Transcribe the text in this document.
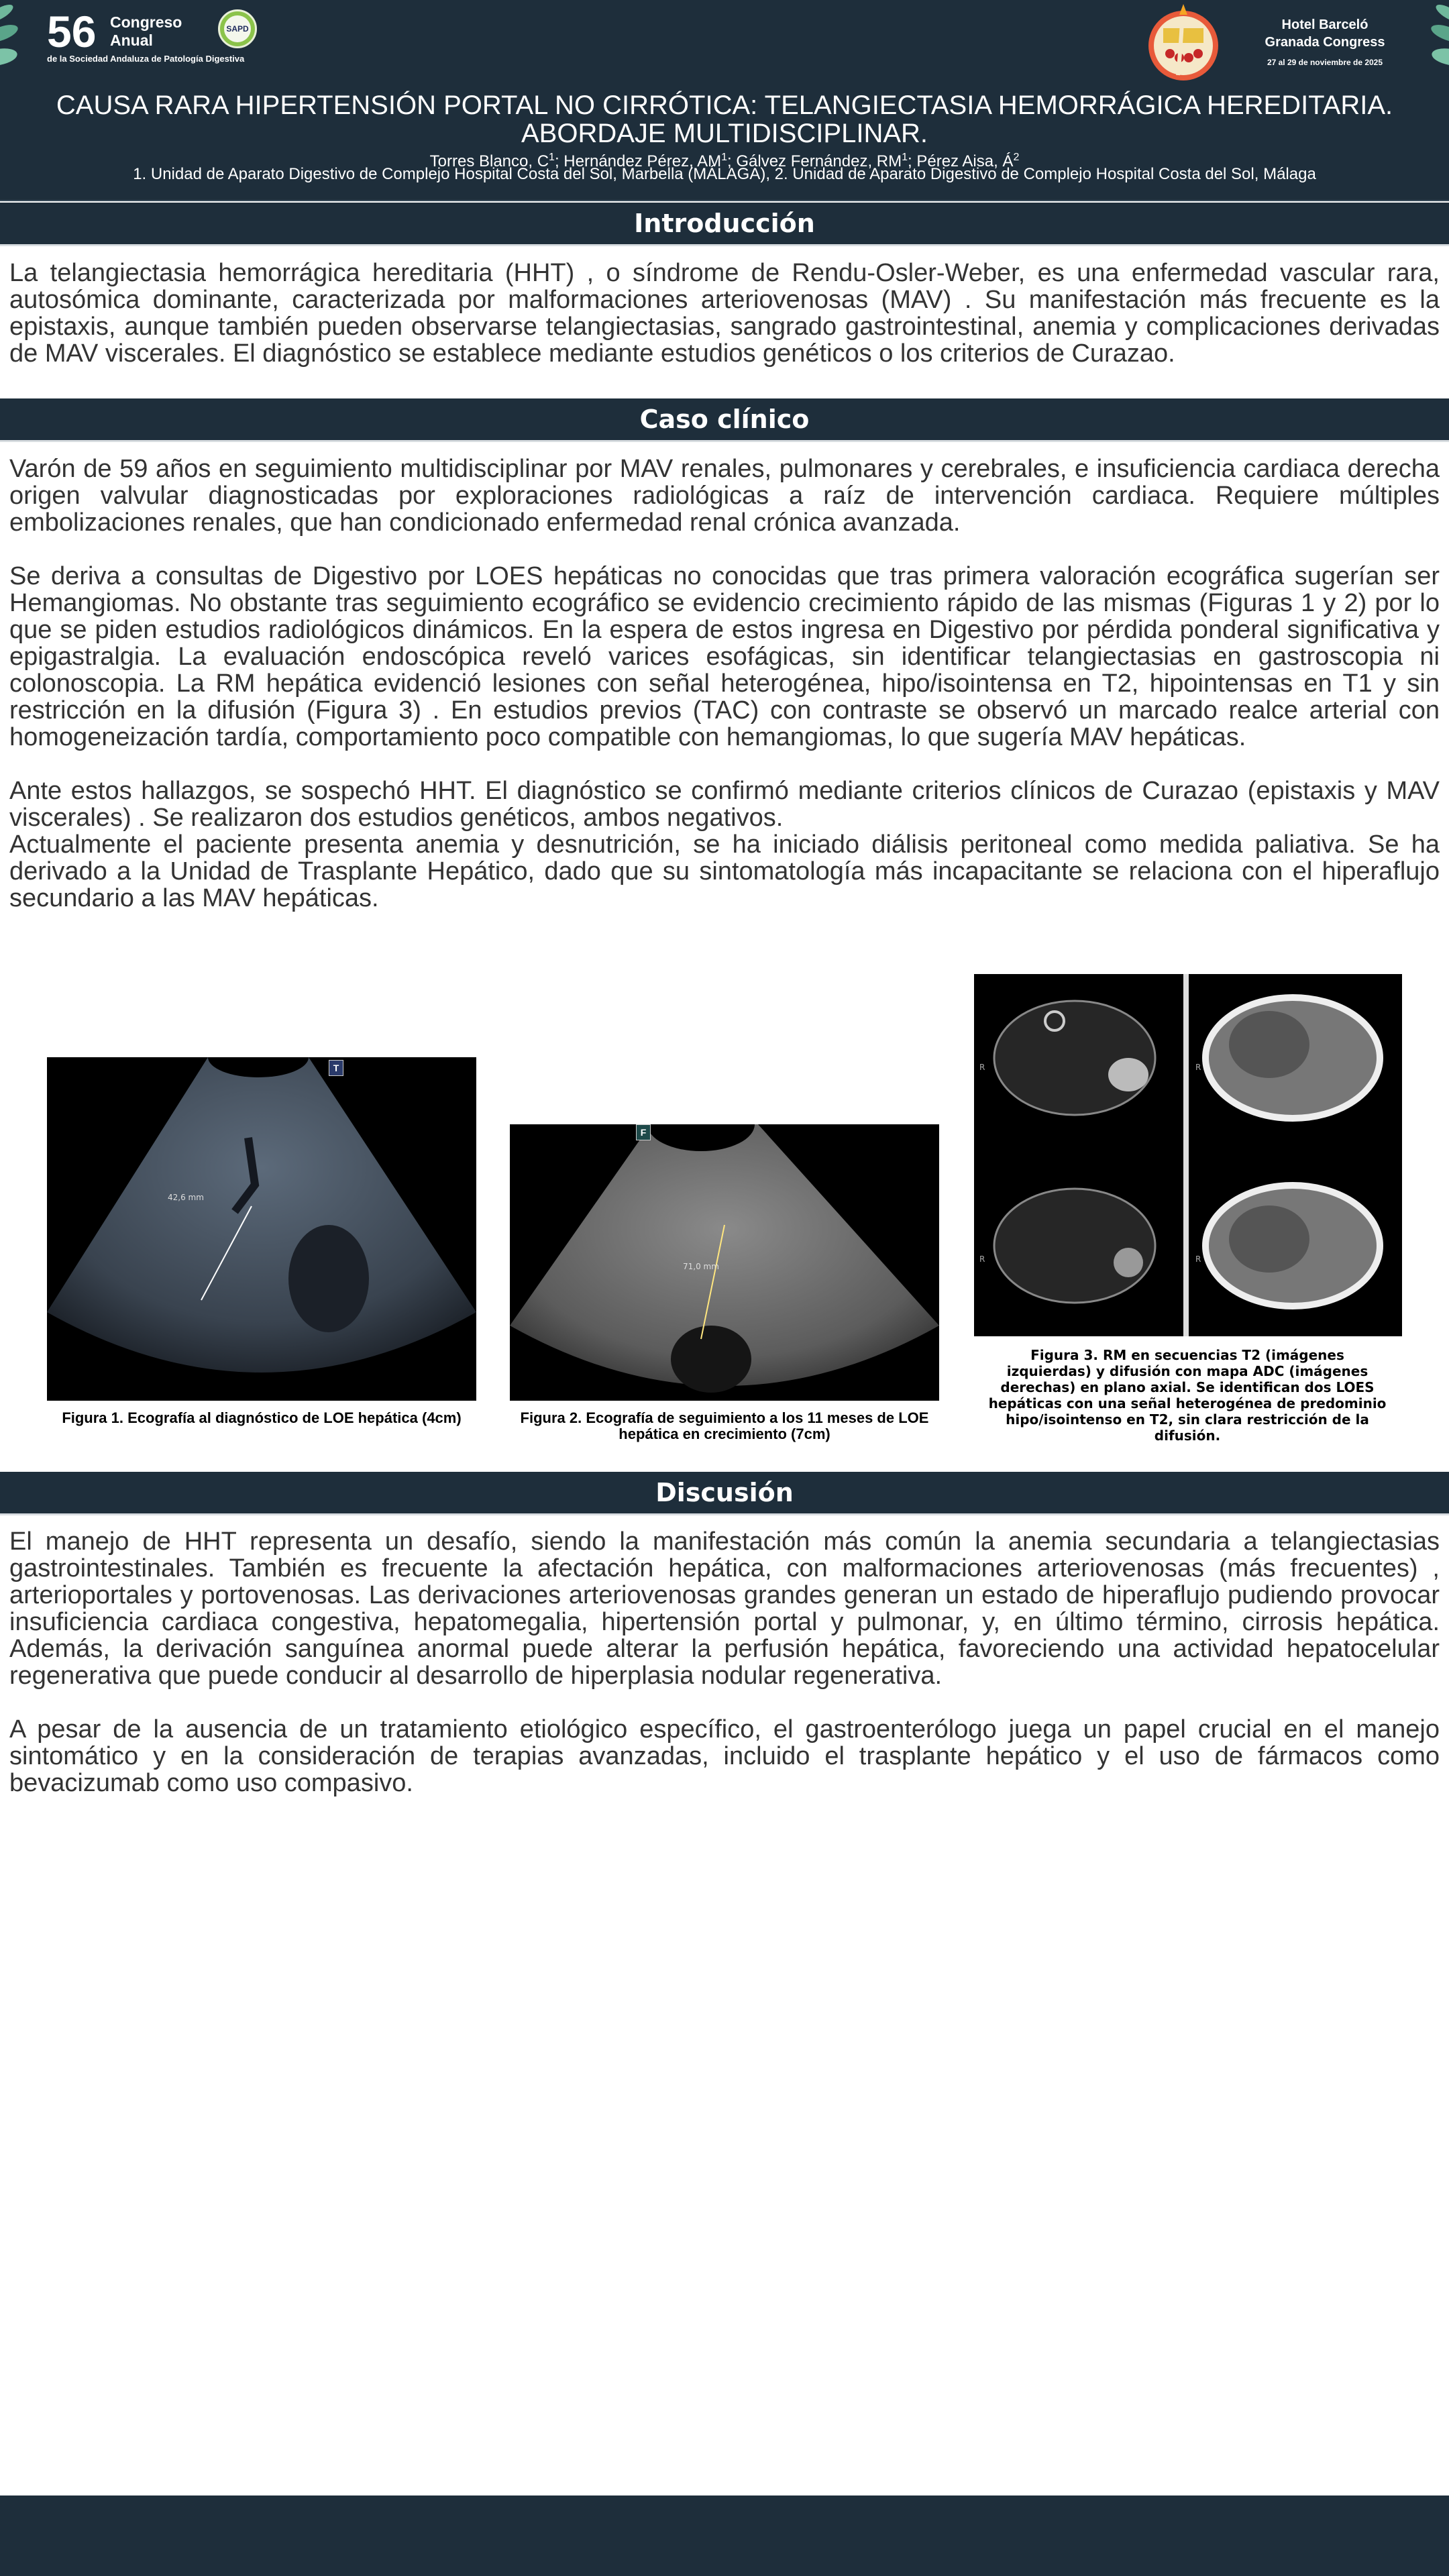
56 Congreso
Anual
de la Sociedad Andaluza de Patología Digestiva
SAPD	Hotel Barceló
Granada Congress
27 al 29 de noviembre de 2025
CAUSA RARA HIPERTENSIÓN PORTAL NO CIRRÓTICA: TELANGIECTASIA HEMORRÁGICA HEREDITARIA.
ABORDAJE MULTIDISCIPLINAR.
Torres Blanco, $C^1$; Hernández Pérez, $AM^1$; Gálvez Fernández, $RM^1$; Pérez Aisa, $Á^2$
1. Unidad de Aparato Digestivo de Complejo Hospital Costa del Sol, Marbella (MÁLAGA), 2. Unidad de Aparato Digestivo de Complejo Hospital Costa del Sol, Málaga
Introducción

La telangiectasia hemorrágica hereditaria (HHT) , o síndrome de Rendu-Osler-Weber, es una enfermedad vascular rara, autosómica dominante, caracterizada por malformaciones arteriovenosas (MAV) . Su manifestación más frecuente es la epistaxis, aunque también pueden observarse telangiectasias, sangrado gastrointestinal, anemia y complicaciones derivadas de MAV viscerales. El diagnóstico se establece mediante estudios genéticos o los criterios de Curazao.

Caso clínico

Varón de 59 años en seguimiento multidisciplinar por MAV renales, pulmonares y cerebrales, e insuficiencia cardiaca derecha origen valvular diagnosticadas por exploraciones radiológicas a raíz de intervención cardiaca. Requiere múltiples embolizaciones renales, que han condicionado enfermedad renal crónica avanzada.

Se deriva a consultas de Digestivo por LOES hepáticas no conocidas que tras primera valoración ecográfica sugerían ser Hemangiomas. No obstante tras seguimiento ecográfico se evidencio crecimiento rápido de las mismas (Figuras 1 y 2) por lo que se piden estudios radiológicos dinámicos. En la espera de estos ingresa en Digestivo por pérdida ponderal significativa y epigastralgia. La evaluación endoscópica reveló varices esofágicas, sin identificar telangiectasias en gastroscopia ni colonoscopia. La RM hepática evidenció lesiones con señal heterogénea, hipo/isointensa en T2, hipointensas en T1 y sin restricción en la difusión (Figura 3) . En estudios previos (TAC) con contraste se observó un marcado realce arterial con homogeneización tardía, comportamiento poco compatible con hemangiomas, lo que sugería MAV hepáticas.

Ante estos hallazgos, se sospechó HHT. El diagnóstico se confirmó mediante criterios clínicos de Curazao (epistaxis y MAV viscerales) . Se realizaron dos estudios genéticos, ambos negativos.

Actualmente el paciente presenta anemia y desnutrición, se ha iniciado diálisis peritoneal como medida paliativa. Se ha derivado a la Unidad de Trasplante Hepático, dado que su sintomatología más incapacitante se relaciona con el hiperaflujo secundario a las MAV hepáticas.

42,6 mm
T
Figura 1. Ecografía al diagnóstico de LOE hepática (4cm)
71,0 mm
F
Figura 2. Ecografía de seguimiento a los 11 meses de LOE hepática en crecimiento (7cm)
R	R
R	R
Figura 3. RM en secuencias T2 (imágenes izquierdas) y difusión con mapa ADC (imágenes derechas) en plano axial. Se identifican dos LOES hepáticas con una señal heterogénea de predominio hipo/isointenso en T2, sin clara restricción de la difusión.
Discusión

El manejo de HHT representa un desafío, siendo la manifestación más común la anemia secundaria a telangiectasias gastrointestinales. También es frecuente la afectación hepática, con malformaciones arteriovenosas (más frecuentes) , arterioportales y portovenosas. Las derivaciones arteriovenosas grandes generan un estado de hiperaflujo pudiendo provocar insuficiencia cardiaca congestiva, hepatomegalia, hipertensión portal y pulmonar, y, en último término, cirrosis hepática. Además, la derivación sanguínea anormal puede alterar la perfusión hepática, favoreciendo una actividad hepatocelular regenerativa que puede conducir al desarrollo de hiperplasia nodular regenerativa.

A pesar de la ausencia de un tratamiento etiológico específico, el gastroenterólogo juega un papel crucial en el manejo sintomático y en la consideración de terapias avanzadas, incluido el trasplante hepático y el uso de fármacos como bevacizumab como uso compasivo.
